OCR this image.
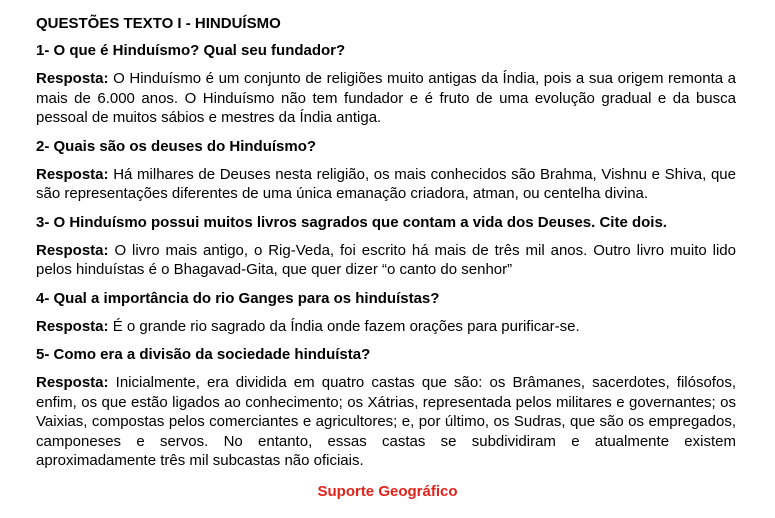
QUESTÕES TEXTO I - HINDUÍSMO
1- O que é Hinduísmo? Qual seu fundador?
Resposta: O Hinduísmo é um conjunto de religiões muito antigas da Índia, pois a sua origem remonta a mais de 6.000 anos. O Hinduísmo não tem fundador e é fruto de uma evolução gradual e da busca pessoal de muitos sábios e mestres da Índia antiga.
2- Quais são os deuses do Hinduísmo?
Resposta: Há milhares de Deuses nesta religião, os mais conhecidos são Brahma, Vishnu e Shiva, que são representações diferentes de uma única emanação criadora, atman, ou centelha divina.
3- O Hinduísmo possui muitos livros sagrados que contam a vida dos Deuses. Cite dois.
Resposta: O livro mais antigo, o Rig-Veda, foi escrito há mais de três mil anos. Outro livro muito lido pelos hinduístas é o Bhagavad-Gita, que quer dizer “o canto do senhor”
4- Qual a importância do rio Ganges para os hinduístas?
Resposta: É o grande rio sagrado da Índia onde fazem orações para purificar-se.
5- Como era a divisão da sociedade hinduísta?
Resposta: Inicialmente, era dividida em quatro castas que são: os Brâmanes, sacerdotes, filósofos, enfim, os que estão ligados ao conhecimento; os Xátrias, representada pelos militares e governantes; os Vaixias, compostas pelos comerciantes e agricultores; e, por último, os Sudras, que são os empregados, camponeses e servos. No entanto, essas castas se subdividiram e atualmente existem aproximadamente três mil subcastas não oficiais.
Suporte Geográfico
